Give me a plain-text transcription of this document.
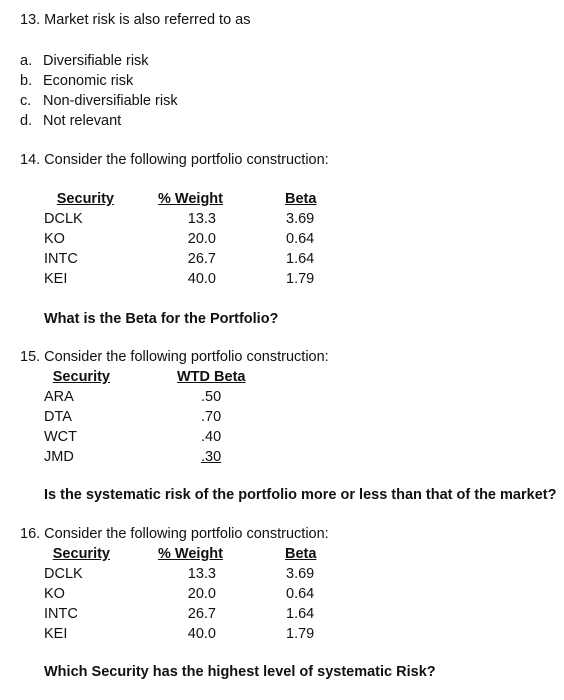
13. Market risk is also referred to as
a. Diversifiable risk
b. Economic risk
c. Non-diversifiable risk
d. Not relevant
14. Consider the following portfolio construction:
Security	% Weight	Beta
DCLK	13.3	3.69
KO	20.0	0.64
INTC	26.7	1.64
KEI	40.0	1.79
What is the Beta for the Portfolio?
15. Consider the following portfolio construction:
Security	WTD Beta
ARA	.50
DTA	.70
WCT	.40
JMD	.30
Is the systematic risk of the portfolio more or less than that of the market?
16. Consider the following portfolio construction:
Security	% Weight	Beta
DCLK	13.3	3.69
KO	20.0	0.64
INTC	26.7	1.64
KEI	40.0	1.79
Which Security has the highest level of systematic Risk?
